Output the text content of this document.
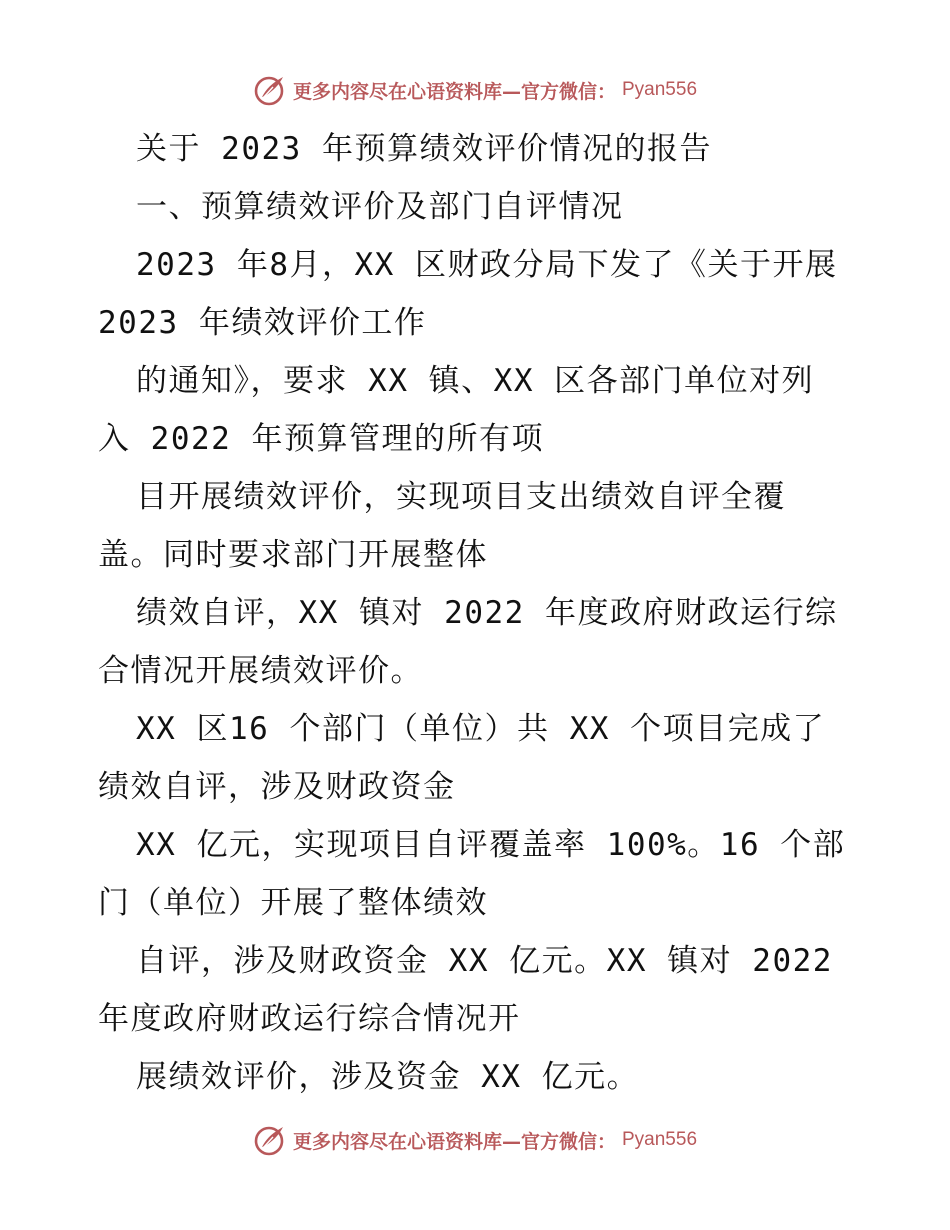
更多内容尽在心语资料库—官方微信： Pyan556
关于 2023 年预算绩效评价情况的报告
一、预算绩效评价及部门自评情况
2023 年8月，XX 区财政分局下发了《关于开展
2023 年绩效评价工作
的通知》，要求 XX 镇、XX 区各部门单位对列
入 2022 年预算管理的所有项
目开展绩效评价，实现项目支出绩效自评全覆
盖。同时要求部门开展整体
绩效自评，XX 镇对 2022 年度政府财政运行综
合情况开展绩效评价。
XX 区16 个部门（单位）共 XX 个项目完成了
绩效自评，涉及财政资金
XX 亿元，实现项目自评覆盖率 100%。16 个部
门（单位）开展了整体绩效
自评，涉及财政资金 XX 亿元。XX 镇对 2022
年度政府财政运行综合情况开
展绩效评价，涉及资金 XX 亿元。
更多内容尽在心语资料库—官方微信： Pyan556
